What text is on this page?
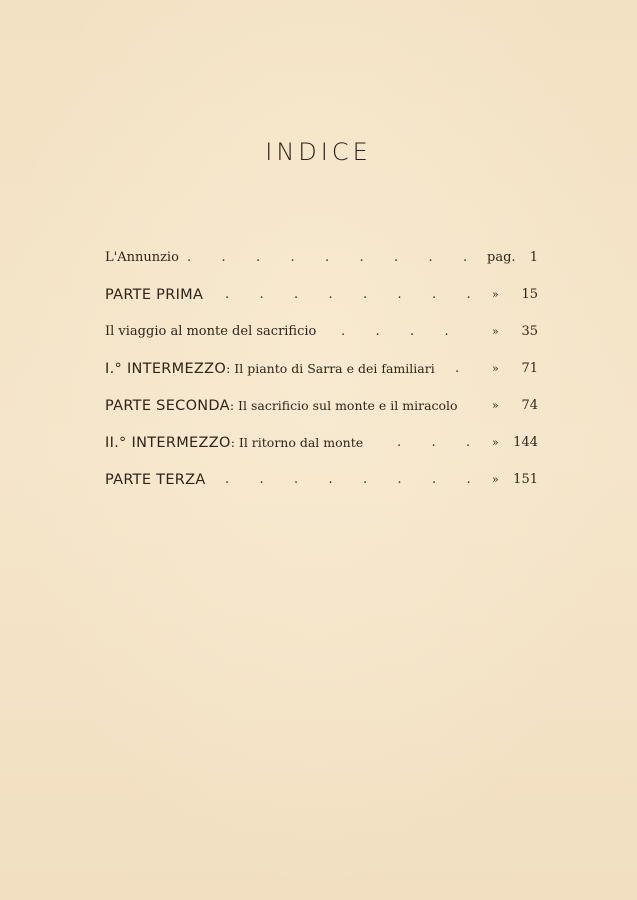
INDICE
L'Annunzio . . . . . . . . .	pag. 1
PARTE PRIMA . . . . . . . .	» 15
Il viaggio al monte del sacrificio . . . .	» 35
I.° INTERMEZZO: Il pianto di Sarra e dei familiari .	» 71
PARTE SECONDA: Il sacrificio sul monte e il miracolo	» 74
II.° INTERMEZZO: Il ritorno dal monte	. . .	» 144
PARTE TERZA . . . . . . . .	» 151
